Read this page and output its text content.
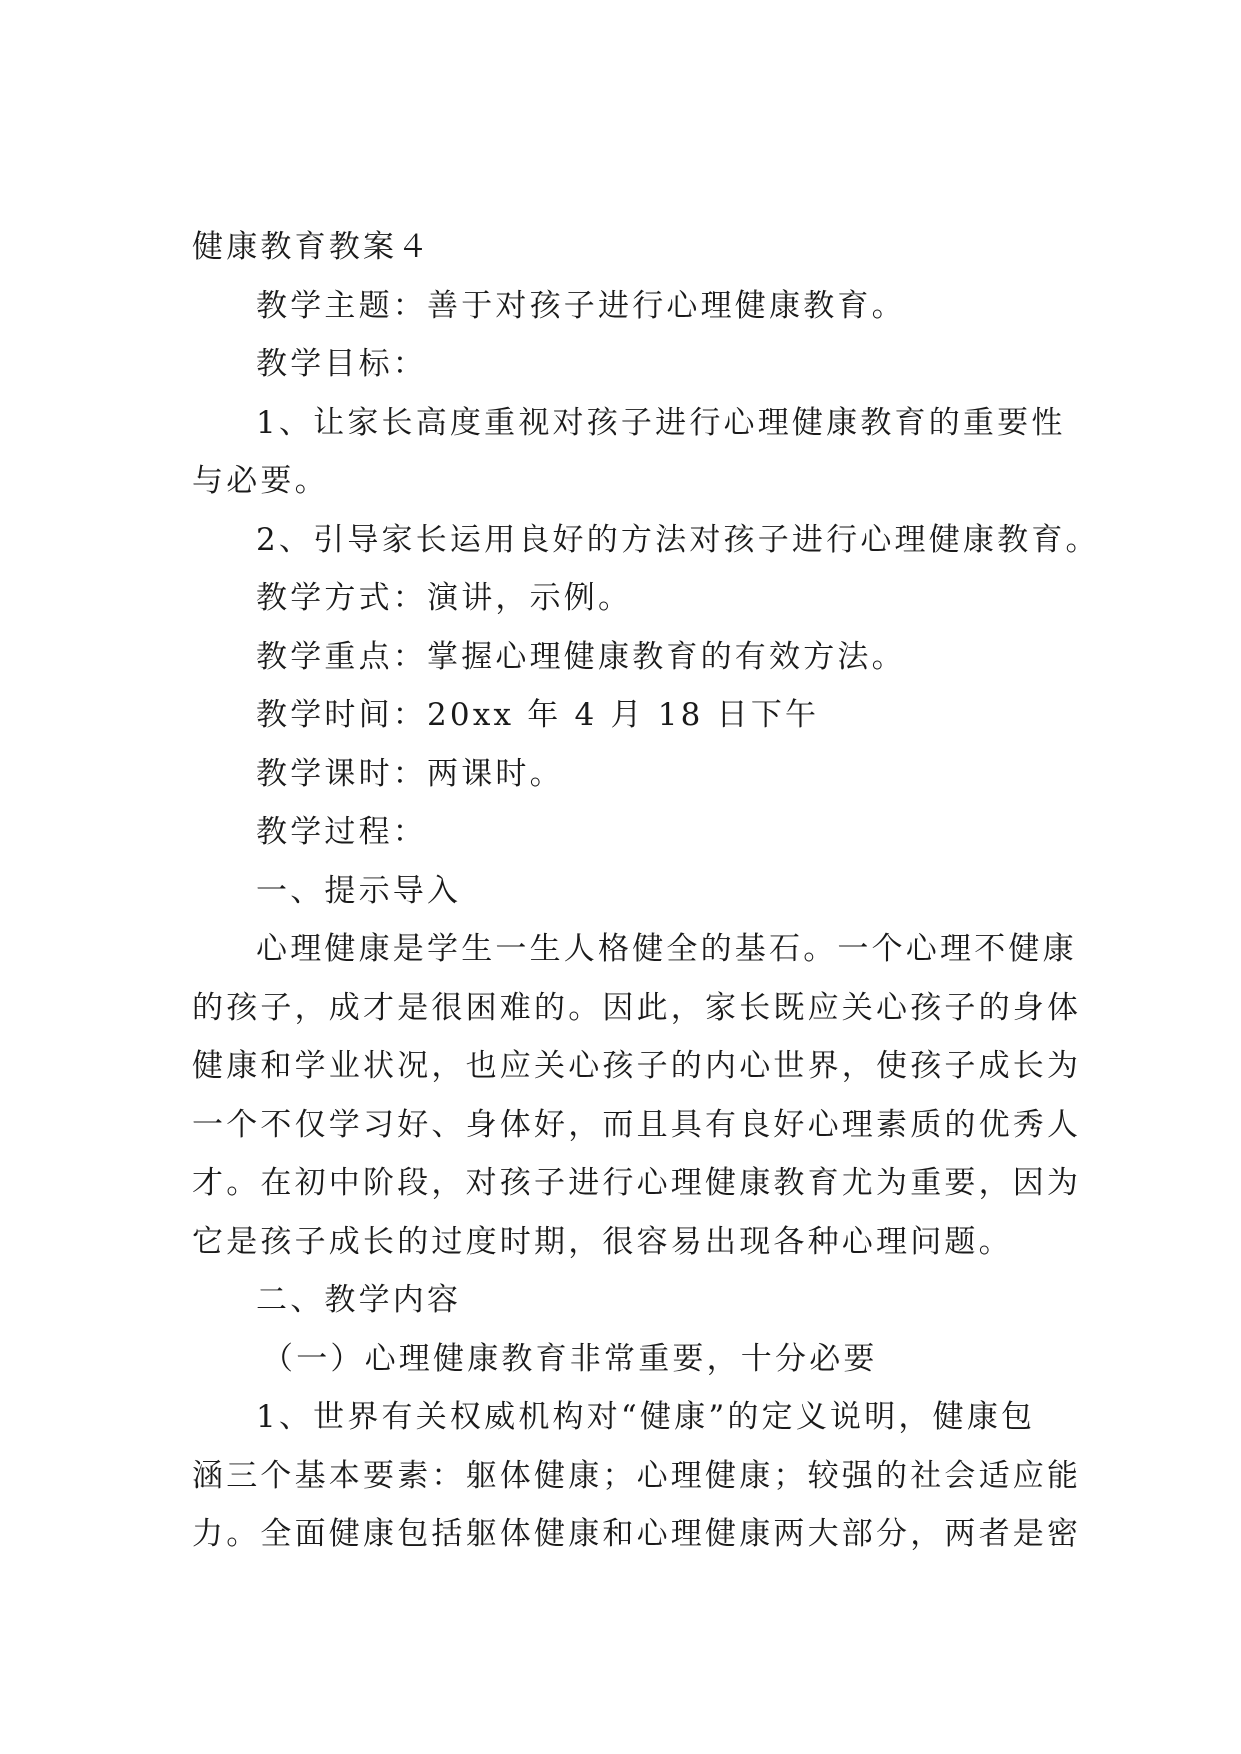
健康教育教案４

教学主题：善于对孩子进行心理健康教育。

教学目标：

1、让家长高度重视对孩子进行心理健康教育的重要性

与必要。

2、引导家长运用良好的方法对孩子进行心理健康教育。

教学方式：演讲，示例。

教学重点：掌握心理健康教育的有效方法。

教学时间：20xx 年 4 月 18 日下午

教学课时：两课时。

教学过程：

一、提示导入

心理健康是学生一生人格健全的基石。一个心理不健康

的孩子，成才是很困难的。因此，家长既应关心孩子的身体

健康和学业状况，也应关心孩子的内心世界，使孩子成长为

一个不仅学习好、身体好，而且具有良好心理素质的优秀人

才。在初中阶段，对孩子进行心理健康教育尤为重要，因为

它是孩子成长的过度时期，很容易出现各种心理问题。

二、教学内容

（一）心理健康教育非常重要，十分必要

1、世界有关权威机构对“健康”的定义说明，健康包

涵三个基本要素：躯体健康；心理健康；较强的社会适应能

力。全面健康包括躯体健康和心理健康两大部分，两者是密
